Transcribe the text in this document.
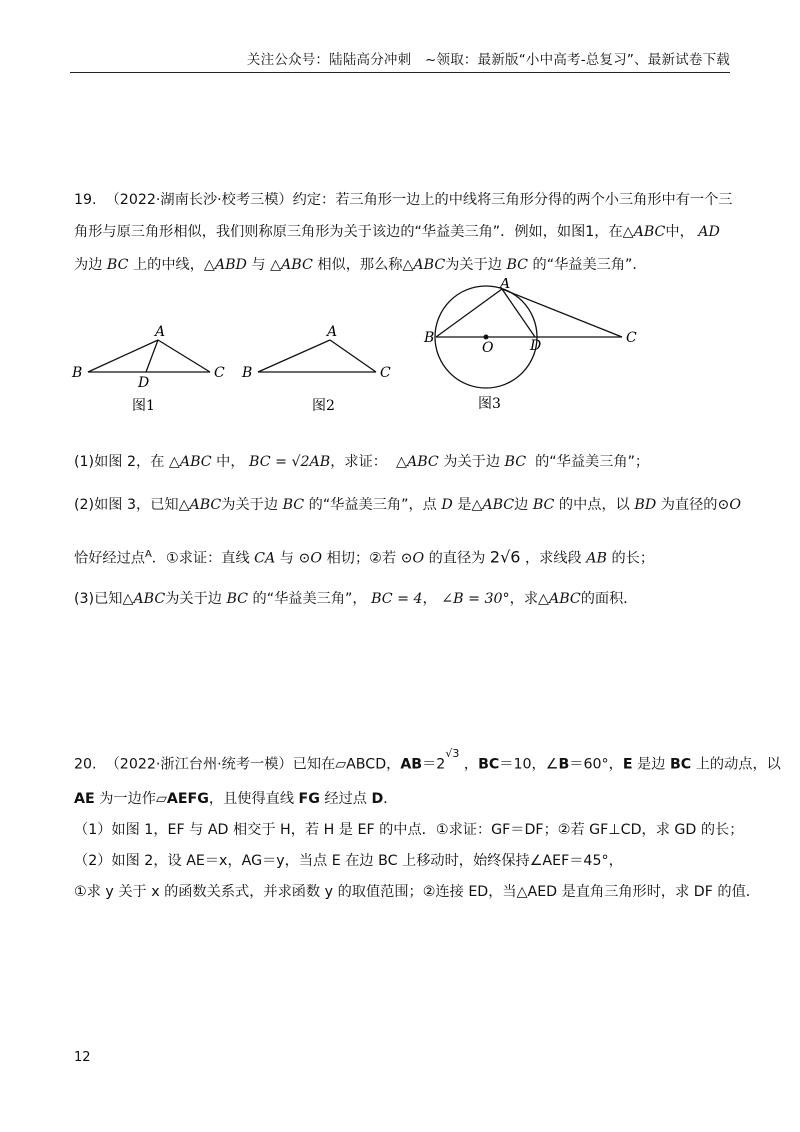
关注公众号：陆陆高分冲刺　~领取：最新版“小中高考-总复习”、最新试卷下载
19. （2022·湖南长沙·校考三模）约定：若三角形一边上的中线将三角形分得的两个小三角形中有一个三
角形与原三角形相似，我们则称原三角形为关于该边的“华益美三角”．例如，如图1，在△ABC中， AD
为边 BC 上的中线，△ABD 与 △ABC 相似，那么称△ABC为关于边 BC 的“华益美三角”．
A
B	C
D
图1
A
B	C
图2
A
B	C
D
O
图3
(1)如图 2，在 △ABC 中， BC = √2AB，求证： △ABC 为关于边 BC 的“华益美三角”；
(2)如图 3，已知△ABC为关于边 BC 的“华益美三角”，点 D 是△ABC边 BC 的中点，以 BD 为直径的⊙O
恰好经过点$^A$．①求证：直线 CA 与 ⊙O 相切；②若 ⊙O 的直径为 2√6 ，求线段 AB 的长；
(3)已知△ABC为关于边 BC 的“华益美三角”， BC = 4， ∠B = 30°，求△ABC的面积．
20. （2022·浙江台州·统考一模）已知在▱ABCD，$AB=2^{√3}$ ，BC＝10，∠B＝60°，E 是边 BC 上的动点，以
AE 为一边作▱AEFG，且使得直线 FG 经过点 D．
（1）如图 1，EF 与 AD 相交于 H，若 H 是 EF 的中点．①求证：GF＝DF；②若 GF⊥CD，求 GD 的长；
（2）如图 2，设 AE＝x，AG＝y，当点 E 在边 BC 上移动时，始终保持∠AEF＝45°，
①求 y 关于 x 的函数关系式，并求函数 y 的取值范围；②连接 ED，当△AED 是直角三角形时，求 DF 的值．
12
